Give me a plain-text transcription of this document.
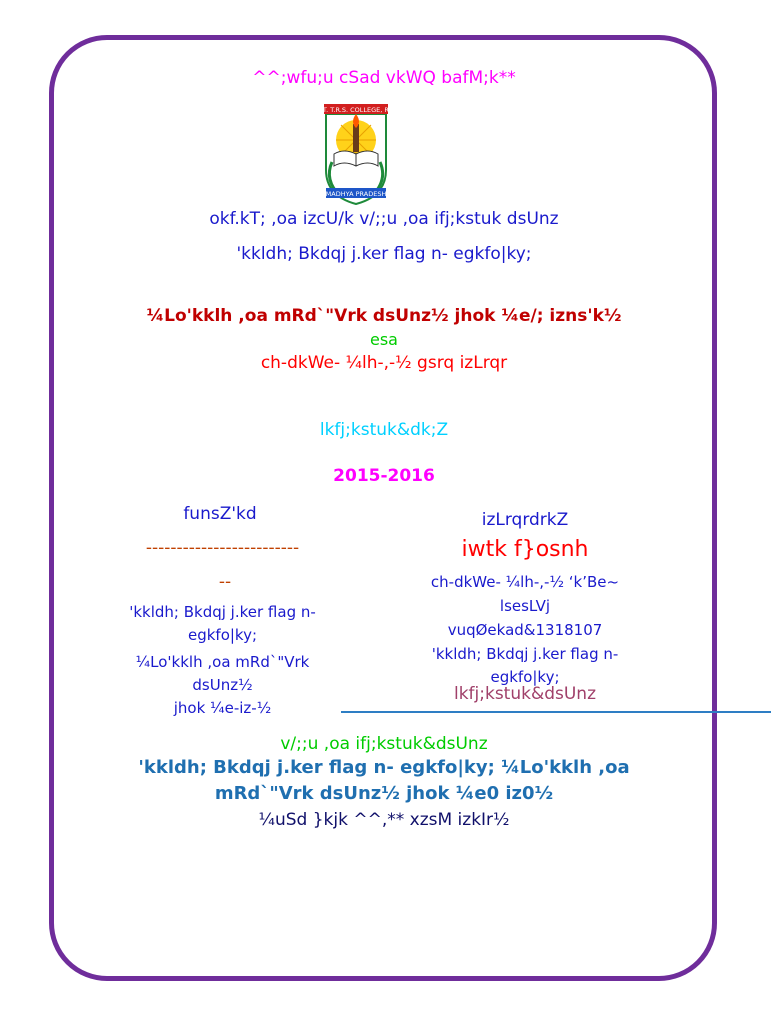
^^;wfu;u cSad vkWQ bafM;k**
GOVT. T.R.S. COLLEGE, REWA
MADHYA PRADESH
okf.kT; ,oa izcU/k v/;;u ,oa ifj;kstuk dsUnz
'kkldh; Bkdqj j.ker flag n- egkfo|ky;
¼Lo'kklh ,oa mRd`"Vrk dsUnz½ jhok ¼e/; izns'k½
esa
ch-dkWe- ¼lh-,-½ gsrq izLrqr
lkfj;kstuk&dk;Z
2015-2016
funsZ'kd
-------------------------
--
'kkldh; Bkdqj j.ker flag n-
egkfo|ky;
¼Lo'kklh ,oa mRd`"Vrk
dsUnz½
jhok ¼e-iz-½
izLrqrdrkZ
iwtk f}osnh
ch-dkWe- ¼lh-,-½ ‘k’Be~
lsesLVj
vuqØekad&1318107
'kkldh; Bkdqj j.ker flag n-
egkfo|ky;
lkfj;kstuk&dsUnz
v/;;u ,oa ifj;kstuk&dsUnz
'kkldh; Bkdqj j.ker flag n- egkfo|ky; ¼Lo'kklh ,oa
mRd`"Vrk dsUnz½ jhok ¼e0 iz0½
¼uSd }kjk ^^,** xzsM izkIr½
